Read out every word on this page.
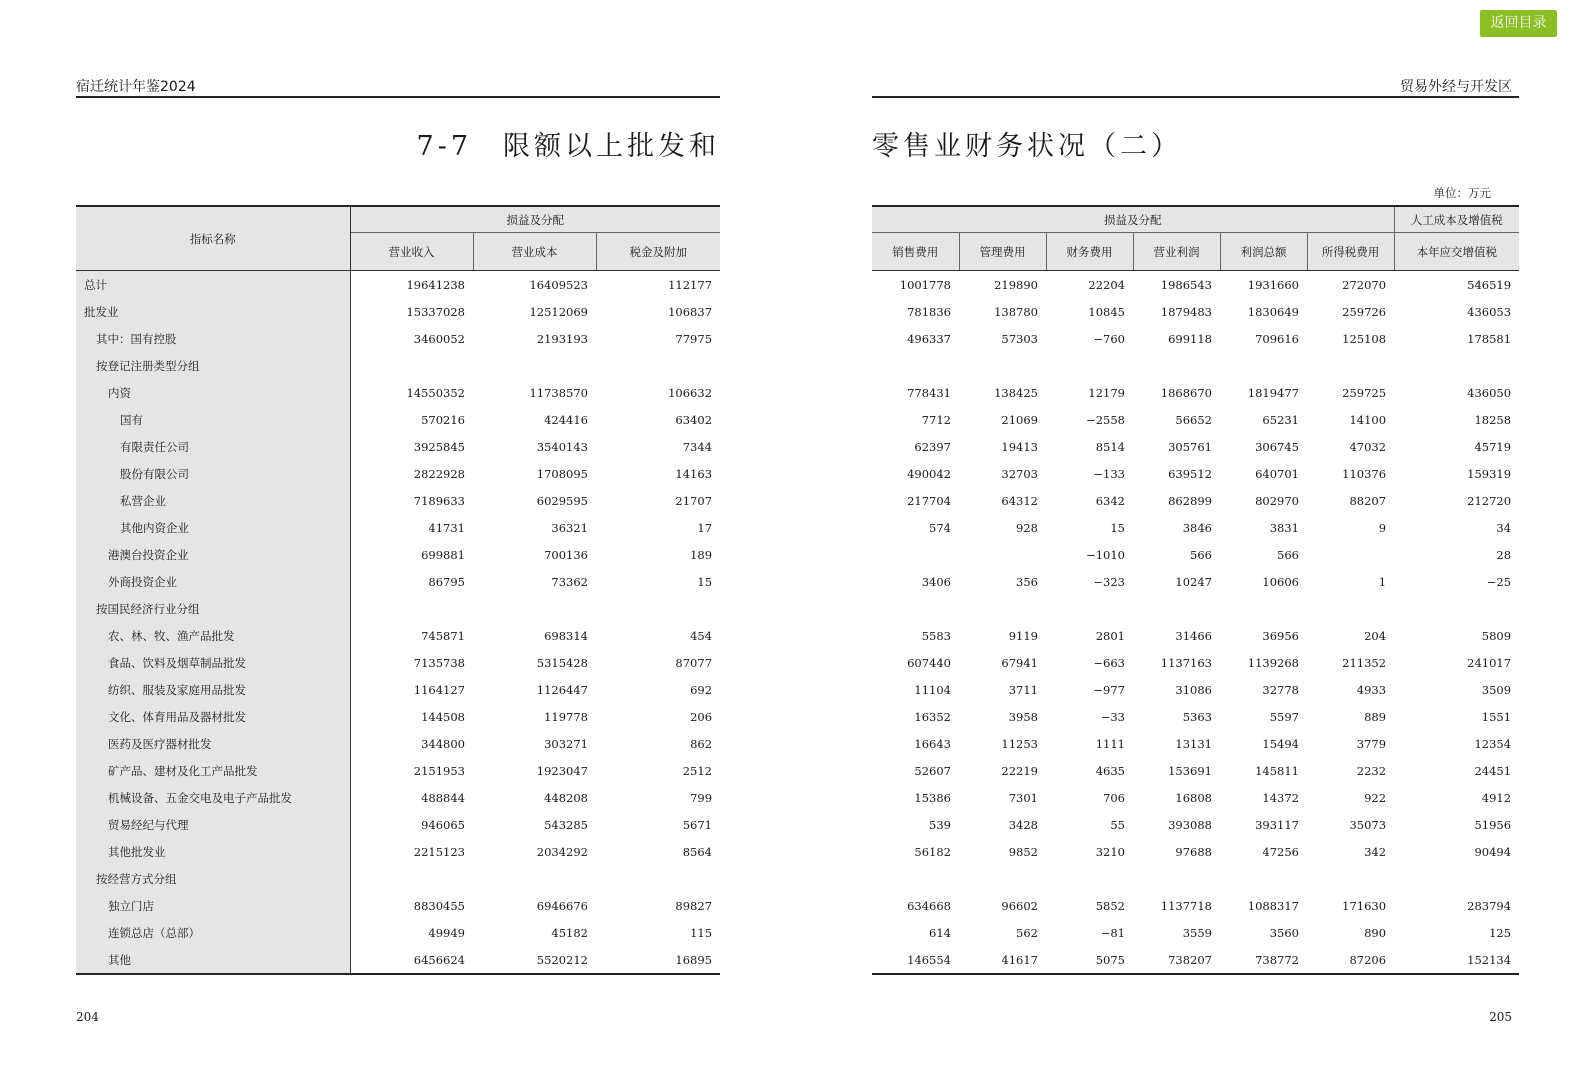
返回目录
宿迁统计年鉴2024	贸易外经与开发区
7-7　限额以上批发和	零售业财务状况（二）
单位：万元
指标名称	损益及分配		
	营业收入	营业成本	税金及附加
总计	19641238	16409523	112177
批发业	15337028	12512069	106837
其中：国有控股	3460052	2193193	77975
按登记注册类型分组			
内资	14550352	11738570	106632
国有	570216	424416	63402
有限责任公司	3925845	3540143	7344
股份有限公司	2822928	1708095	14163
私营企业	7189633	6029595	21707
其他内资企业	41731	36321	17
港澳台投资企业	699881	700136	189
外商投资企业	86795	73362	15
按国民经济行业分组			
农、林、牧、渔产品批发	745871	698314	454
食品、饮料及烟草制品批发	7135738	5315428	87077
纺织、服装及家庭用品批发	1164127	1126447	692
文化、体育用品及器材批发	144508	119778	206
医药及医疗器材批发	344800	303271	862
矿产品、建材及化工产品批发	2151953	1923047	2512
机械设备、五金交电及电子产品批发	488844	448208	799
贸易经纪与代理	946065	543285	5671
其他批发业	2215123	2034292	8564
按经营方式分组			
独立门店	8830455	6946676	89827
连锁总店（总部）	49949	45182	115
其他	6456624	5520212	16895
损益及分配						人工成本及增值税
销售费用	管理费用	财务费用	营业利润	利润总额	所得税费用	本年应交增值税
1001778	219890	22204	1986543	1931660	272070	546519
781836	138780	10845	1879483	1830649	259726	436053
496337	57303	−760	699118	709616	125108	178581

778431	138425	12179	1868670	1819477	259725	436050
7712	21069	−2558	56652	65231	14100	18258
62397	19413	8514	305761	306745	47032	45719
490042	32703	−133	639512	640701	110376	159319
217704	64312	6342	862899	802970	88207	212720
574	928	15	3846	3831	9	34
		−1010	566	566		28
3406	356	−323	10247	10606	1	−25

5583	9119	2801	31466	36956	204	5809
607440	67941	−663	1137163	1139268	211352	241017
11104	3711	−977	31086	32778	4933	3509
16352	3958	−33	5363	5597	889	1551
16643	11253	1111	13131	15494	3779	12354
52607	22219	4635	153691	145811	2232	24451
15386	7301	706	16808	14372	922	4912
539	3428	55	393088	393117	35073	51956
56182	9852	3210	97688	47256	342	90494

634668	96602	5852	1137718	1088317	171630	283794
614	562	−81	3559	3560	890	125
146554	41617	5075	738207	738772	87206	152134
204	205
